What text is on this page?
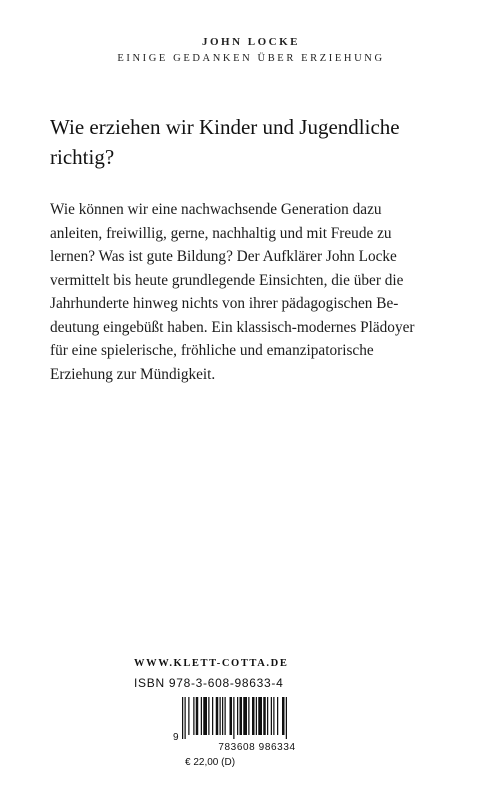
JOHN LOCKE
EINIGE GEDANKEN ÜBER ERZIEHUNG
Wie erziehen wir Kinder und Jugendliche
richtig?
Wie können wir eine nachwachsende Generation dazu
anleiten, freiwillig, gerne, nachhaltig und mit Freude zu
lernen? Was ist gute Bildung? Der Aufklärer John Locke
vermittelt bis heute grundlegende Einsichten, die über die
Jahrhunderte hinweg nichts von ihrer pädagogischen Be-
deutung eingebüßt haben. Ein klassisch-modernes Plädoyer
für eine spielerische, fröhliche und emanzipatorische
Erziehung zur Mündigkeit.
WWW.KLETT-COTTA.DE
ISBN 978-3-608-98633-4
9
783608 986334
€ 22,00 (D)
